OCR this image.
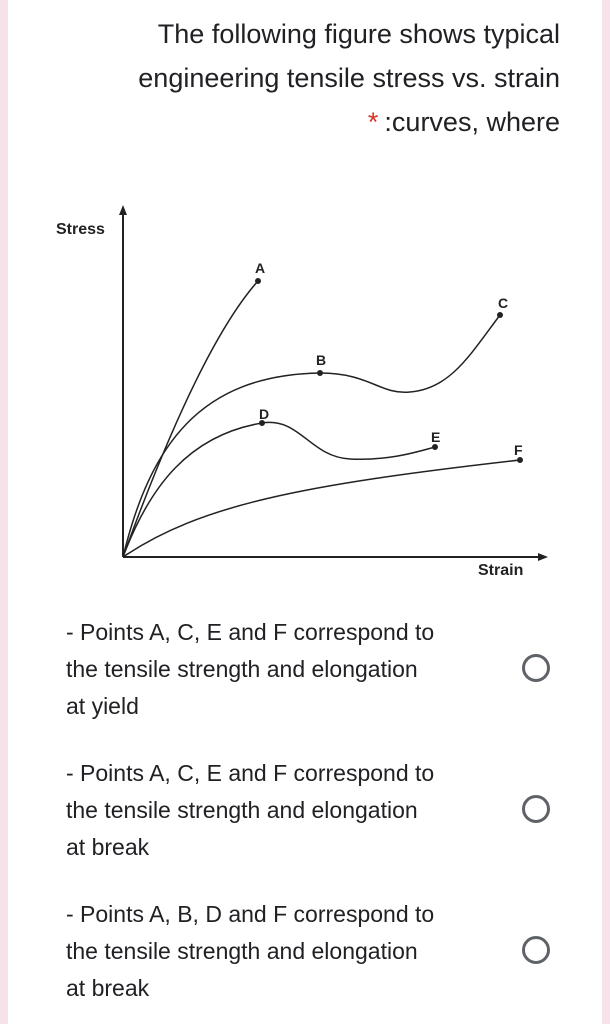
The following figure shows typical
engineering tensile stress vs. strain
* :curves, where
Stress
Strain
A
B
C
D
E
F
- Points A, C, E and F correspond to
the tensile strength and elongation
at yield
- Points A, C, E and F correspond to
the tensile strength and elongation
at break
- Points A, B, D and F correspond to
the tensile strength and elongation
at break
